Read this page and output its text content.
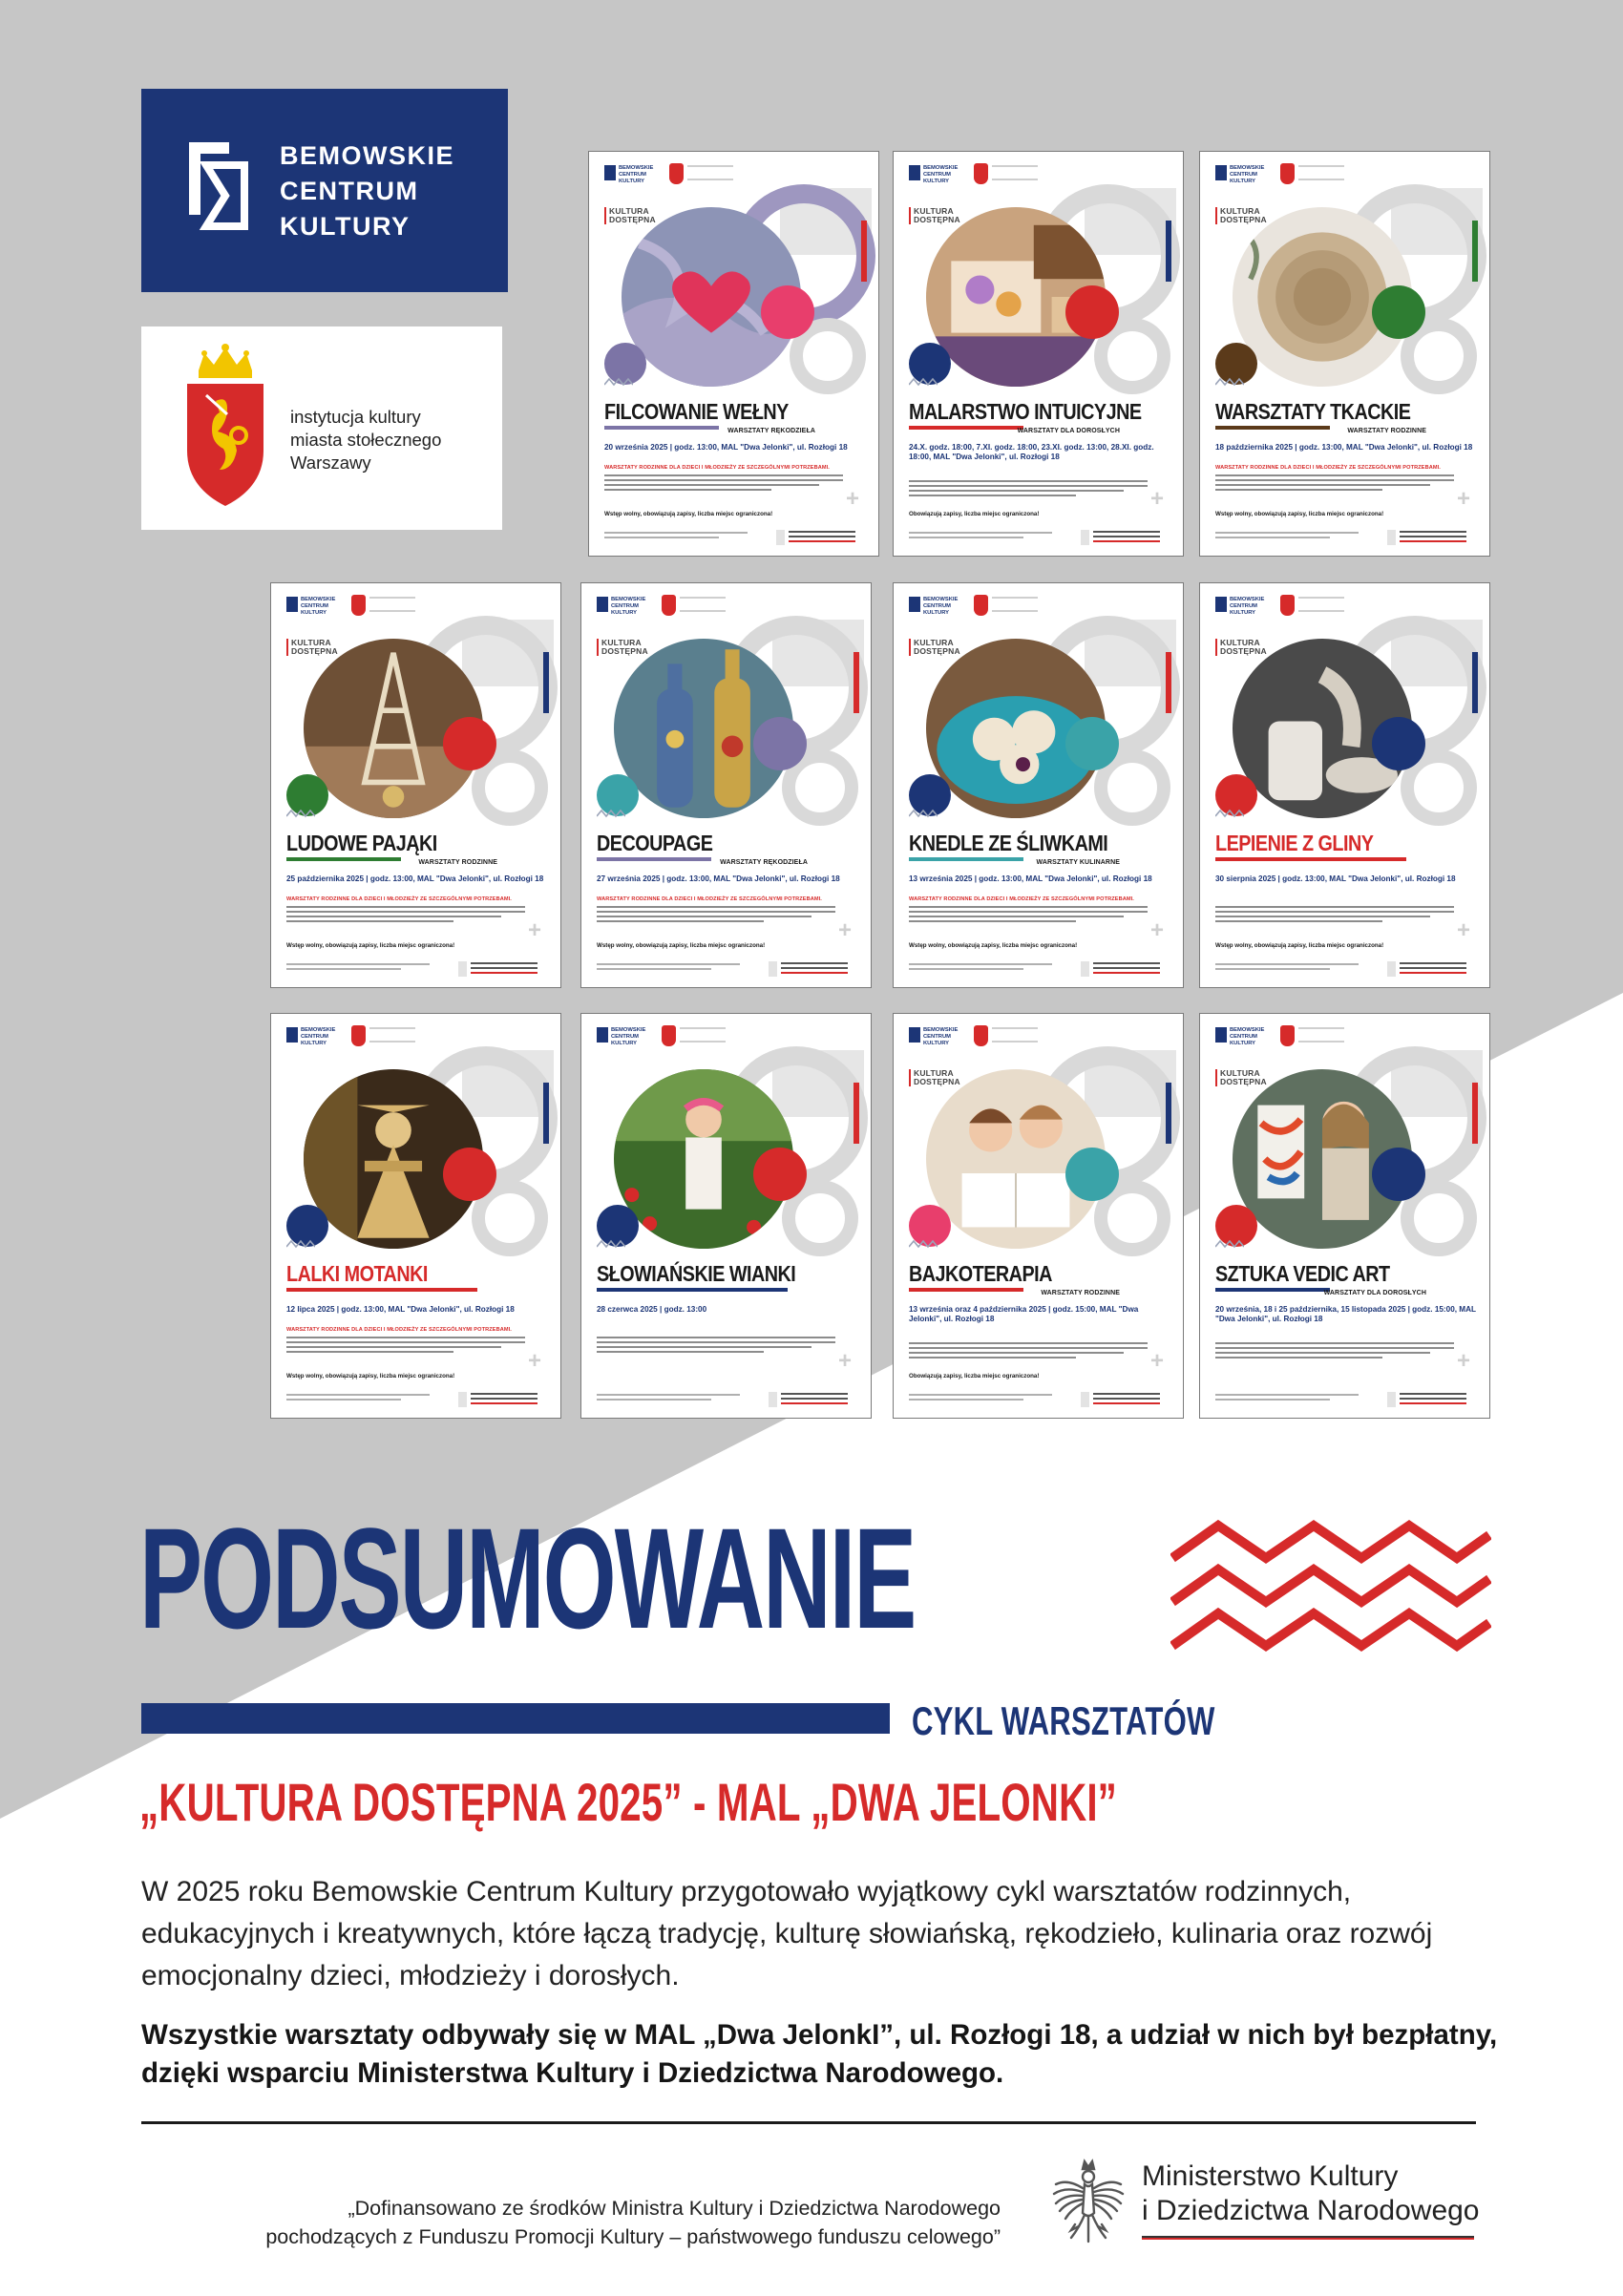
BEMOWSKIE
CENTRUM
KULTURY
instytucja kultury
miasta stołecznego
Warszawy
BEMOWSKIE
CENTRUM
KULTURY
KULTURA
DOSTĘPNA
FILCOWANIE WEŁNY
WARSZTATY RĘKODZIEŁA
20 września 2025 | godz. 13:00, MAL "Dwa Jelonki", ul. Rozłogi 18
WARSZTATY RODZINNE DLA DZIECI I MŁODZIEŻY ZE SZCZEGÓLNYMI POTRZEBAMI.
Wstęp wolny, obowiązują zapisy, liczba miejsc ograniczona!
+
BEMOWSKIE
CENTRUM
KULTURY
KULTURA
DOSTĘPNA
MALARSTWO INTUICYJNE
WARSZTATY DLA DOROSŁYCH
24.X. godz. 18:00, 7.XI. godz. 18:00, 23.XI. godz. 13:00, 28.XI. godz. 18:00, MAL "Dwa Jelonki", ul. Rozłogi 18
Obowiązują zapisy, liczba miejsc ograniczona!
+
BEMOWSKIE
CENTRUM
KULTURY
KULTURA
DOSTĘPNA
WARSZTATY TKACKIE
WARSZTATY RODZINNE
18 października 2025 | godz. 13:00, MAL "Dwa Jelonki", ul. Rozłogi 18
WARSZTATY RODZINNE DLA DZIECI I MŁODZIEŻY ZE SZCZEGÓLNYMI POTRZEBAMI.
Wstęp wolny, obowiązują zapisy, liczba miejsc ograniczona!
+
BEMOWSKIE
CENTRUM
KULTURY
KULTURA
DOSTĘPNA
LUDOWE PAJĄKI
WARSZTATY RODZINNE
25 października 2025 | godz. 13:00, MAL "Dwa Jelonki", ul. Rozłogi 18
WARSZTATY RODZINNE DLA DZIECI I MŁODZIEŻY ZE SZCZEGÓLNYMI POTRZEBAMI.
Wstęp wolny, obowiązują zapisy, liczba miejsc ograniczona!
+
BEMOWSKIE
CENTRUM
KULTURY
KULTURA
DOSTĘPNA
DECOUPAGE
WARSZTATY RĘKODZIEŁA
27 września 2025 | godz. 13:00, MAL "Dwa Jelonki", ul. Rozłogi 18
WARSZTATY RODZINNE DLA DZIECI I MŁODZIEŻY ZE SZCZEGÓLNYMI POTRZEBAMI.
Wstęp wolny, obowiązują zapisy, liczba miejsc ograniczona!
+
BEMOWSKIE
CENTRUM
KULTURY
KULTURA
DOSTĘPNA
KNEDLE ZE ŚLIWKAMI
WARSZTATY KULINARNE
13 września 2025 | godz. 13:00, MAL "Dwa Jelonki", ul. Rozłogi 18
WARSZTATY RODZINNE DLA DZIECI I MŁODZIEŻY ZE SZCZEGÓLNYMI POTRZEBAMI.
Wstęp wolny, obowiązują zapisy, liczba miejsc ograniczona!
+
BEMOWSKIE
CENTRUM
KULTURY
KULTURA
DOSTĘPNA
LEPIENIE Z GLINY
30 sierpnia 2025 | godz. 13:00, MAL "Dwa Jelonki", ul. Rozłogi 18
Wstęp wolny, obowiązują zapisy, liczba miejsc ograniczona!
+
BEMOWSKIE
CENTRUM
KULTURY
LALKI MOTANKI
12 lipca 2025 | godz. 13:00, MAL "Dwa Jelonki", ul. Rozłogi 18
WARSZTATY RODZINNE DLA DZIECI I MŁODZIEŻY ZE SZCZEGÓLNYMI POTRZEBAMI.
Wstęp wolny, obowiązują zapisy, liczba miejsc ograniczona!
+
BEMOWSKIE
CENTRUM
KULTURY
SŁOWIAŃSKIE WIANKI
28 czerwca 2025 | godz. 13:00
+
BEMOWSKIE
CENTRUM
KULTURY
KULTURA
DOSTĘPNA
BAJKOTERAPIA
WARSZTATY RODZINNE
13 września oraz 4 października 2025 | godz. 15:00, MAL "Dwa Jelonki", ul. Rozłogi 18
Obowiązują zapisy, liczba miejsc ograniczona!
+
BEMOWSKIE
CENTRUM
KULTURY
KULTURA
DOSTĘPNA
SZTUKA VEDIC ART
WARSZTATY DLA DOROSŁYCH
20 września, 18 i 25 października, 15 listopada 2025 | godz. 15:00, MAL "Dwa Jelonki", ul. Rozłogi 18
+
PODSUMOWANIE
CYKL WARSZTATÓW
„KULTURA DOSTĘPNA 2025” - MAL „DWA JELONKI”

W 2025 roku Bemowskie Centrum Kultury przygotowało wyjątkowy cykl warsztatów rodzinnych, edukacyjnych i kreatywnych, które łączą tradycję, kulturę słowiańską, rękodzieło, kulinaria oraz rozwój emocjonalny dzieci, młodzieży i dorosłych.

Wszystkie warsztaty odbywały się w MAL „Dwa JelonkI”, ul. Rozłogi 18, a udział w nich był bezpłatny, dzięki wsparciu Ministerstwa Kultury i Dziedzictwa Narodowego.

„Dofinansowano ze środków Ministra Kultury i Dziedzictwa Narodowego
pochodzących z Funduszu Promocji Kultury – państwowego funduszu celowego”
Ministerstwo Kultury
i Dziedzictwa Narodowego
